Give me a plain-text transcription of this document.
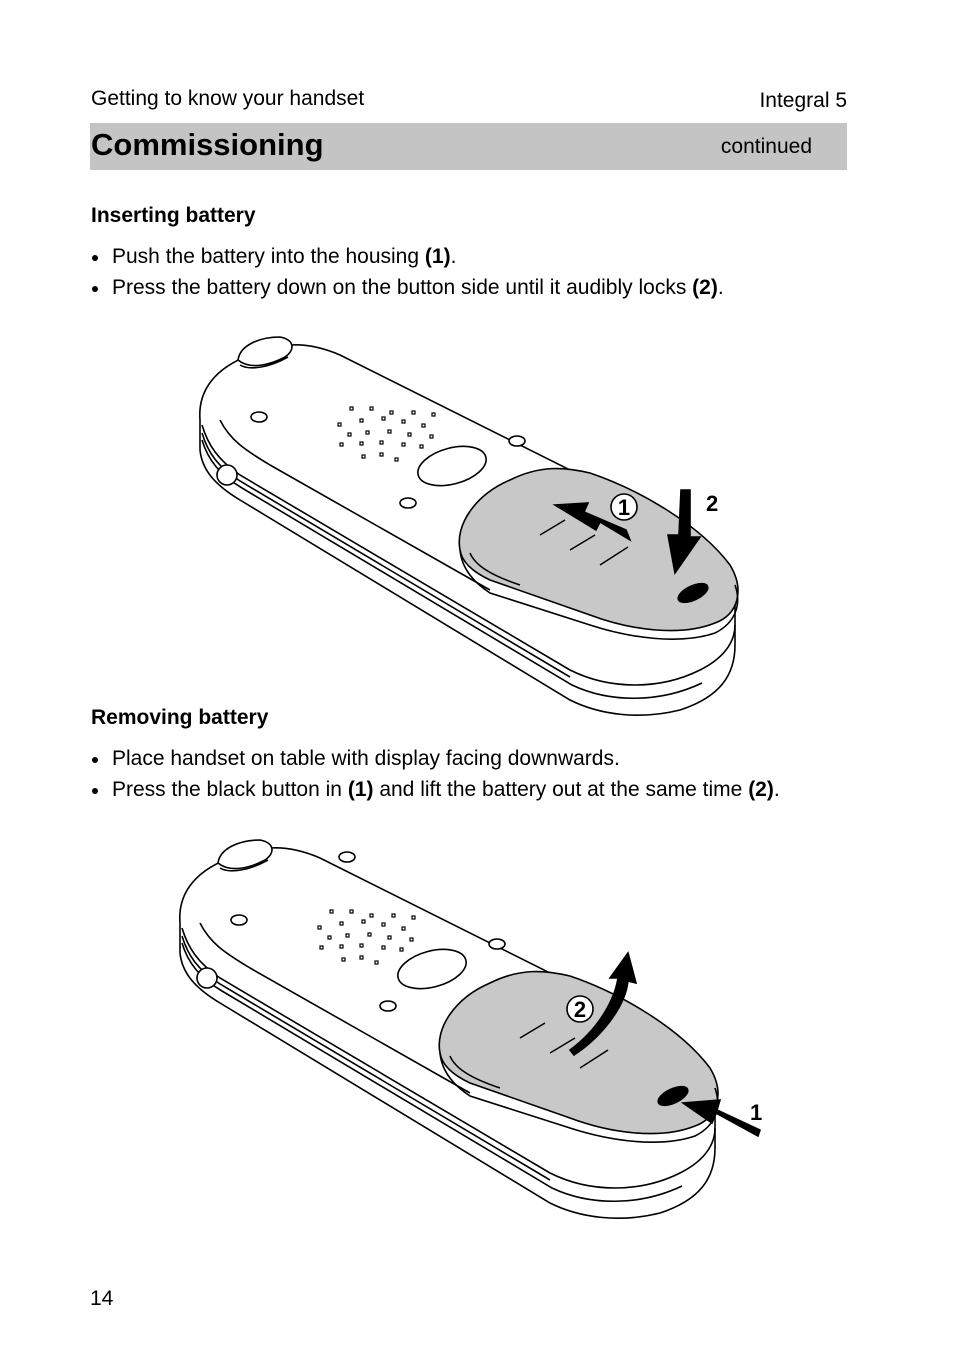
Getting to know your handset	Integral 5
Commissioning	continued
Inserting battery
Push the battery into the housing (1).
Press the battery down on the button side until it audibly locks (2).
1	2
Removing battery
Place handset on table with display facing downwards.
Press the black button in (1) and lift the battery out at the same time (2).
2
1
14
